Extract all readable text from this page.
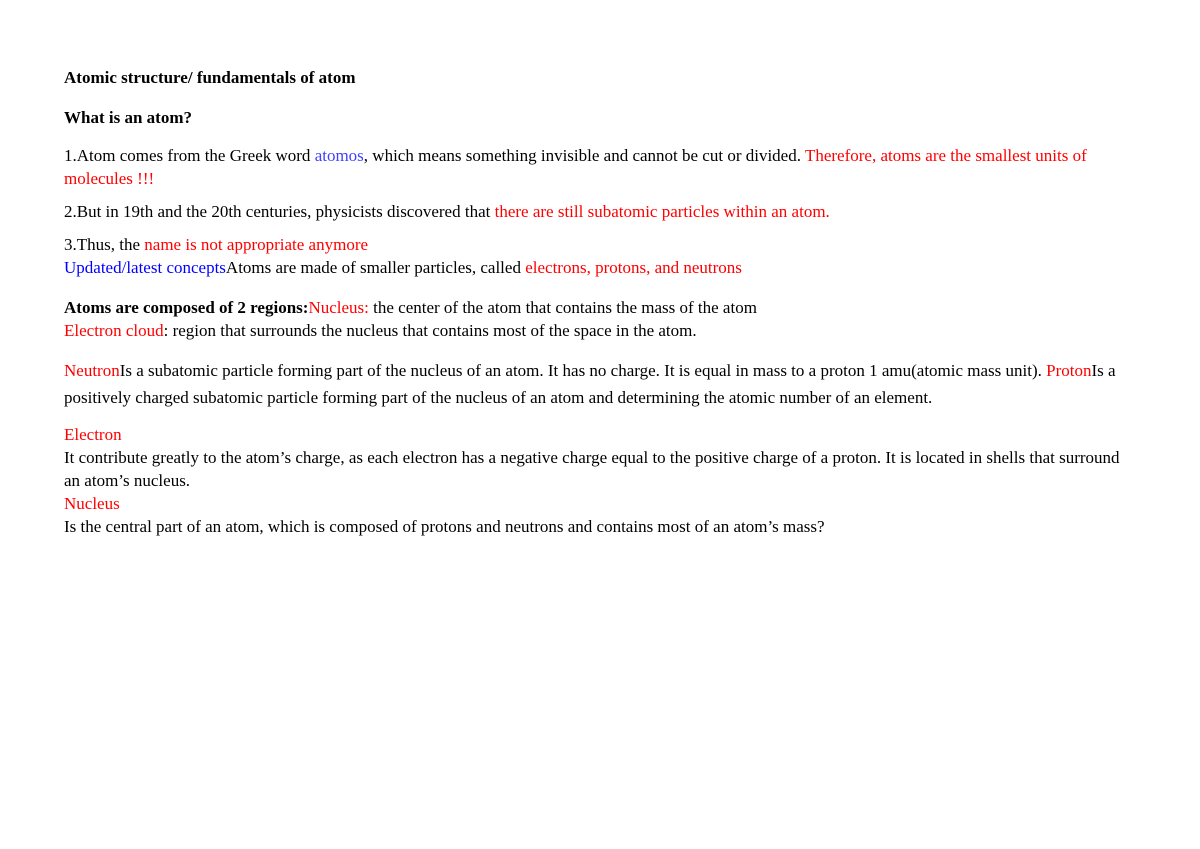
Atomic structure/ fundamentals of atom

What is an atom?

1.Atom comes from the Greek word atomos, which means something invisible and cannot be cut or divided. Therefore, atoms are the smallest units of molecules !!!

2.But in 19th and the 20th centuries, physicists discovered that there are still subatomic particles within an atom.

3.Thus, the name is not appropriate anymore

Updated/latest conceptsAtoms are made of smaller particles, called electrons, protons, and neutrons

Atoms are composed of 2 regions:Nucleus: the center of the atom that contains the mass of the atom
Electron cloud: region that surrounds the nucleus that contains most of the space in the atom.

NeutronIs a subatomic particle forming part of the nucleus of an atom. It has no charge. It is equal in mass to a proton 1 amu(atomic mass unit). ProtonIs a positively charged subatomic particle forming part of the nucleus of an atom and determining the atomic number of an element.

Electron

It contribute greatly to the atom’s charge, as each electron has a negative charge equal to the positive charge of a proton. It is located in shells that surround an atom’s nucleus.

Nucleus

Is the central part of an atom, which is composed of protons and neutrons and contains most of an atom’s mass?
